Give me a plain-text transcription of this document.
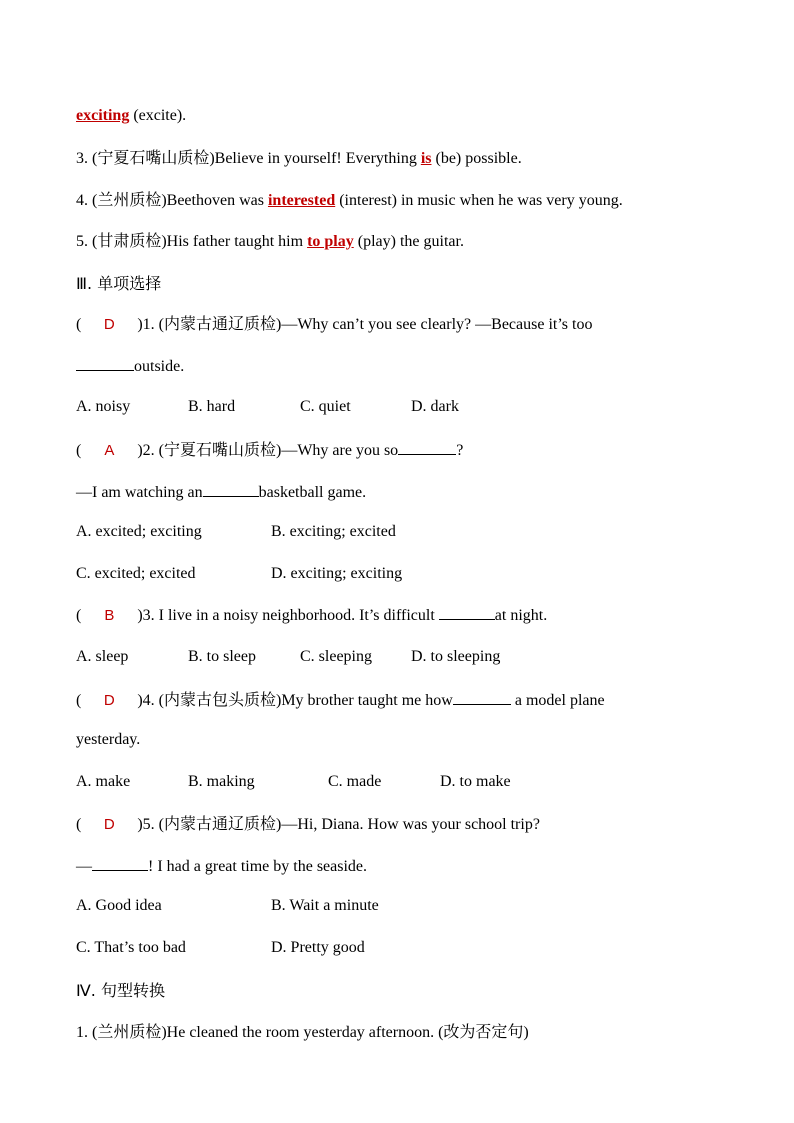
exciting (excite).
3. (宁夏石嘴山质检)Believe in yourself! Everything is (be) possible.
4. (兰州质检)Beethoven was interested (interest) in music when he was very young.
5. (甘肃质检)His father taught him to play (play) the guitar.
Ⅲ. 单项选择
( D )1. (内蒙古通辽质检)—Why can’t you see clearly? —Because it’s too
outside.
A. noisy	B. hard	C. quiet	D. dark
( A )2. (宁夏石嘴山质检)—Why are you so	?
—I am watching an	basketball game.
A. excited; exciting	B. exciting; excited
C. excited; excited	D. exciting; exciting
( B )3. I live in a noisy neighborhood. It’s difficult	at night.
A. sleep	B. to sleep	C. sleeping D. to sleeping
( D )4. (内蒙古包头质检)My brother taught me how	a model plane
yesterday.
A. make	B. making	C. made	D. to make
( D )5. (内蒙古通辽质检)—Hi, Diana. How was your school trip?
—	! I had a great time by the seaside.
A. Good idea	B. Wait a minute
C. That’s too bad	D. Pretty good
Ⅳ. 句型转换
1. (兰州质检)He cleaned the room yesterday afternoon. (改为否定句)
